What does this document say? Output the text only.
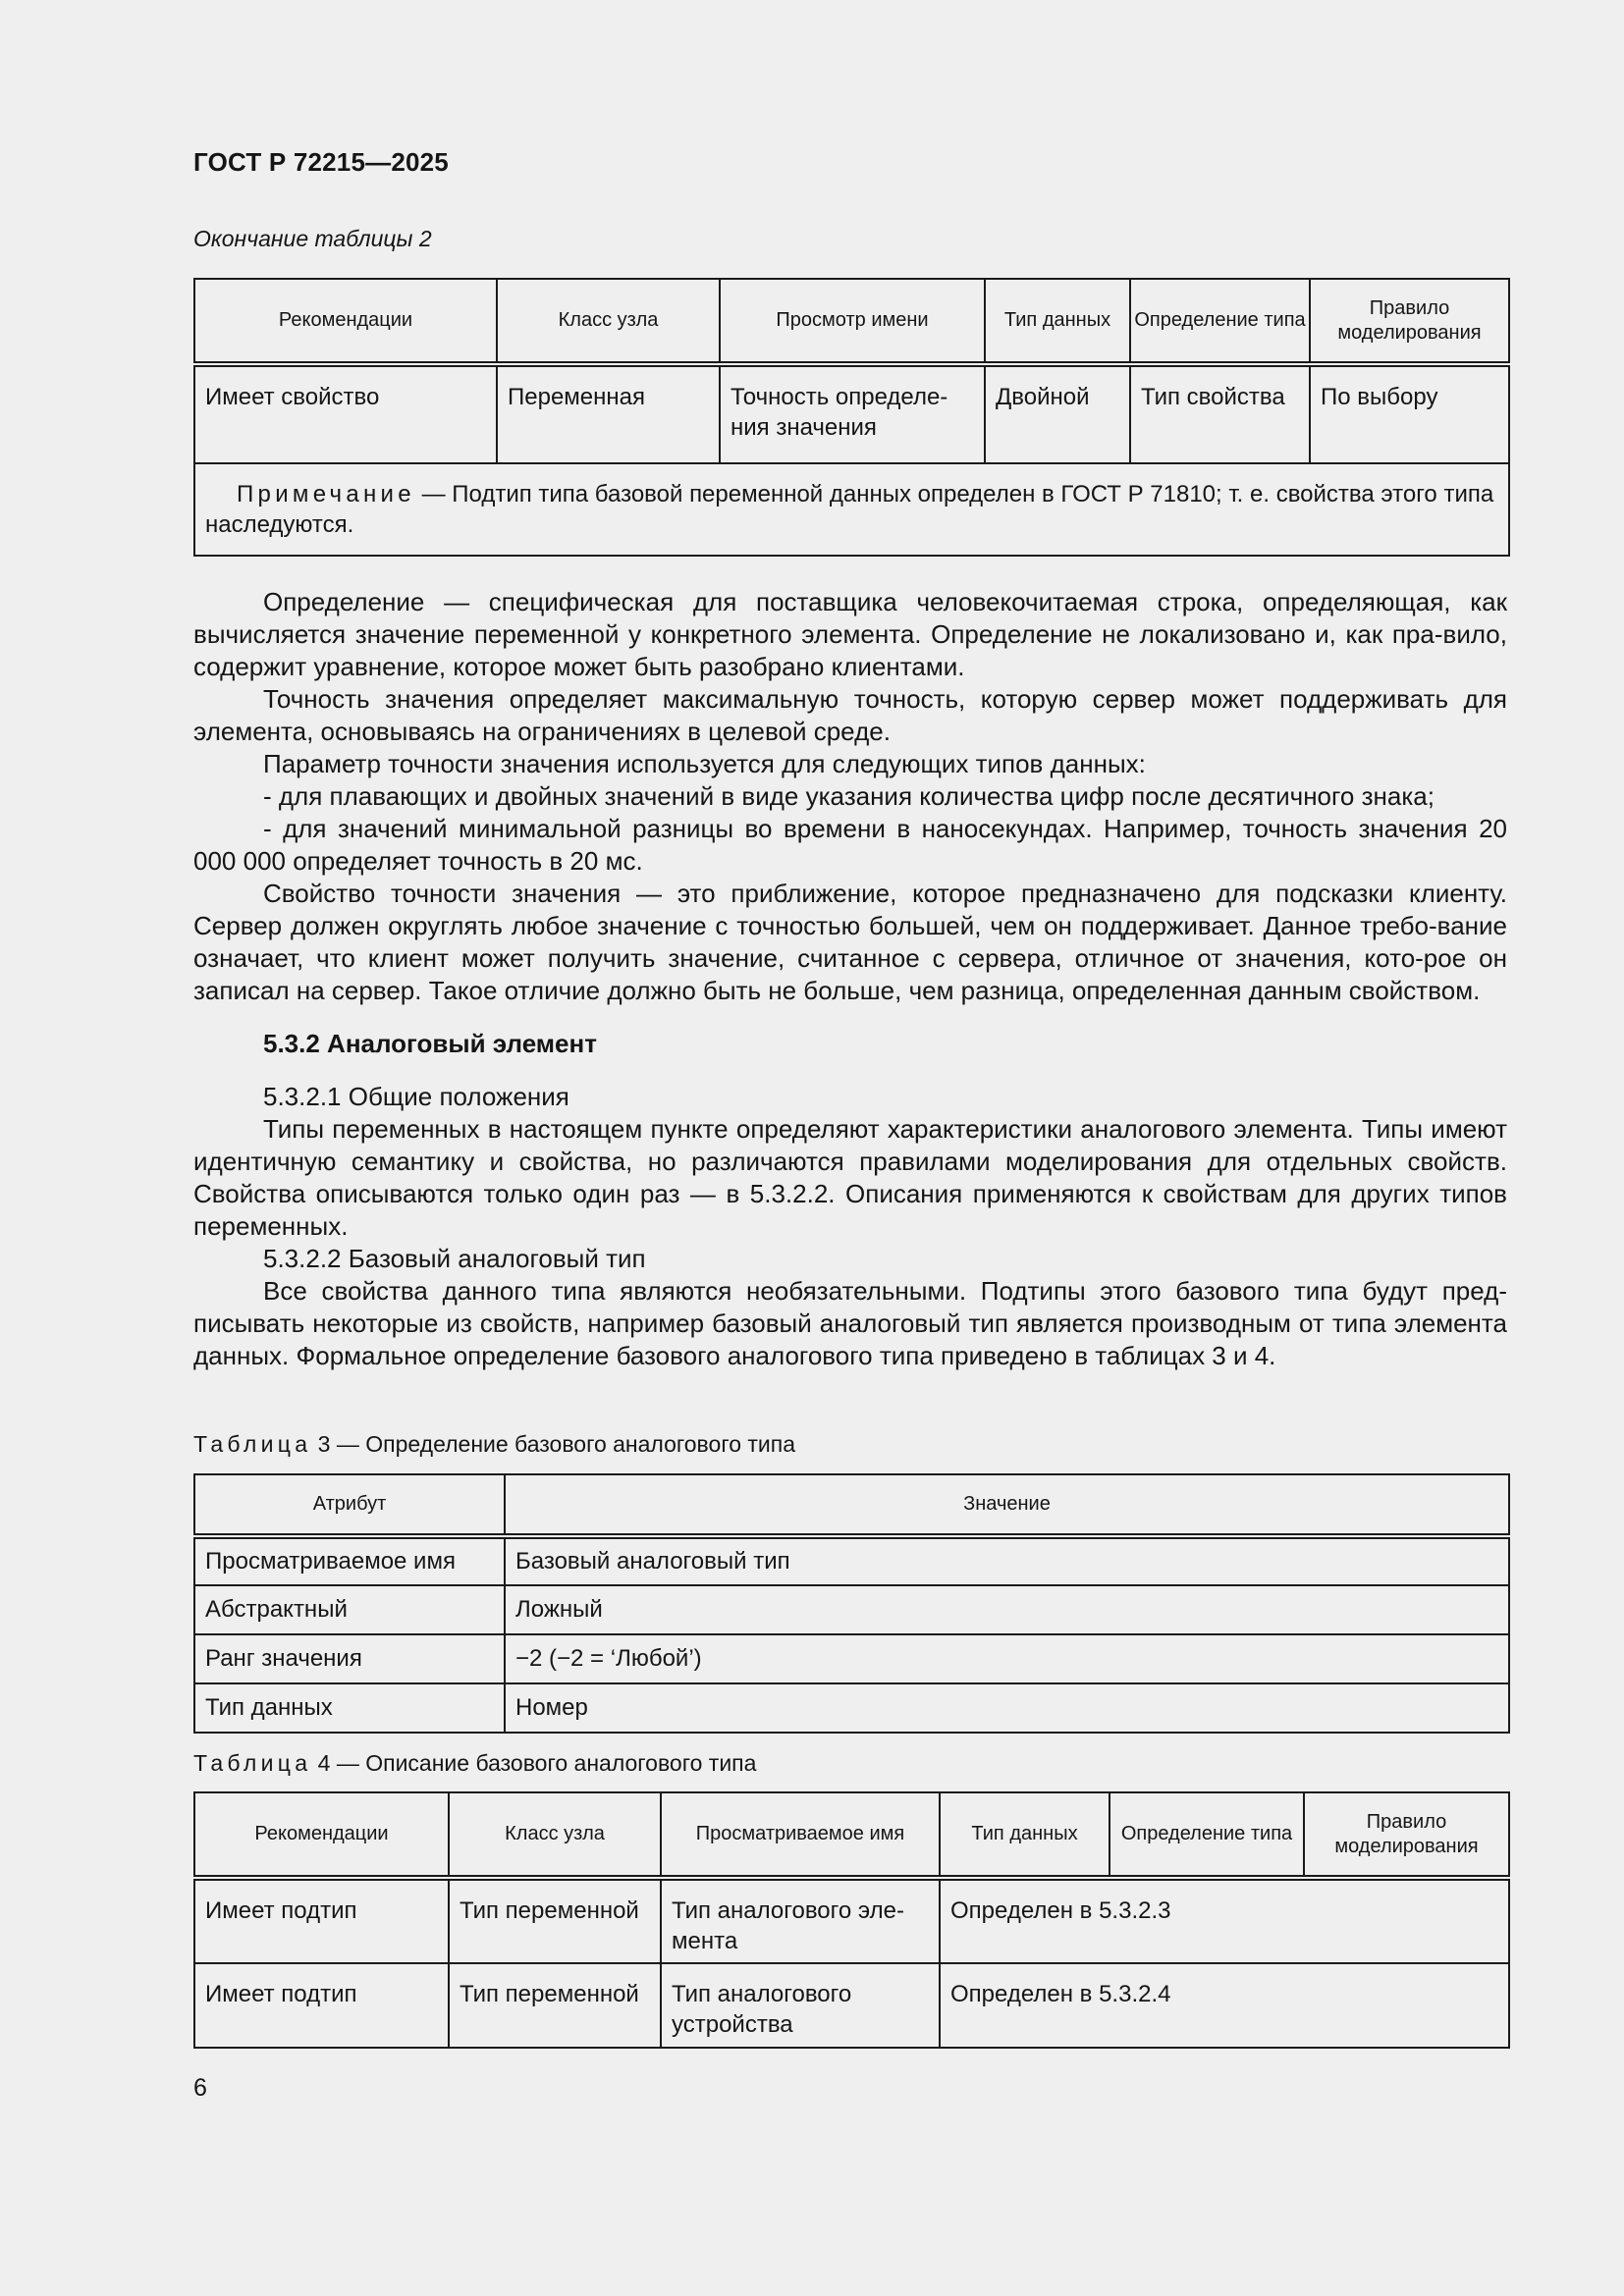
ГОСТ Р 72215—2025
Окончание таблицы 2
Рекомендации	Класс узла	Просмотр имени	Тип данных	Определение типа	Правило моделирования
Имеет свойство	Переменная	Точность определе-ния значения	Двойной	Тип свойства	По выбору
Примечание — Подтип типа базовой переменной данных определен в ГОСТ Р 71810; т. е. свойства этого типа наследуются.					

Определение — специфическая для поставщика человекочитаемая строка, определяющая, как вычисляется значение переменной у конкретного элемента. Определение не локализовано и, как пра-вило, содержит уравнение, которое может быть разобрано клиентами.

Точность значения определяет максимальную точность, которую сервер может поддерживать для элемента, основываясь на ограничениях в целевой среде.

Параметр точности значения используется для следующих типов данных:

- для плавающих и двойных значений в виде указания количества цифр после десятичного знака;

- для значений минимальной разницы во времени в наносекундах. Например, точность значения 20 000 000 определяет точность в 20 мс.

Свойство точности значения — это приближение, которое предназначено для подсказки клиенту. Сервер должен округлять любое значение с точностью большей, чем он поддерживает. Данное требо-вание означает, что клиент может получить значение, считанное с сервера, отличное от значения, кото-рое он записал на сервер. Такое отличие должно быть не больше, чем разница, определенная данным свойством.

5.3.2 Аналоговый элемент

5.3.2.1 Общие положения

Типы переменных в настоящем пункте определяют характеристики аналогового элемента. Типы имеют идентичную семантику и свойства, но различаются правилами моделирования для отдельных свойств. Свойства описываются только один раз — в 5.3.2.2. Описания применяются к свойствам для других типов переменных.

5.3.2.2 Базовый аналоговый тип

Все свойства данного типа являются необязательными. Подтипы этого базового типа будут пред-писывать некоторые из свойств, например базовый аналоговый тип является производным от типа элемента данных. Формальное определение базового аналогового типа приведено в таблицах 3 и 4.

Таблица 3 — Определение базового аналогового типа
Атрибут	Значение
Просматриваемое имя	Базовый аналоговый тип
Абстрактный	Ложный
Ранг значения	−2 (−2 = ‘Любой’)
Тип данных	Номер
Таблица 4 — Описание базового аналогового типа
Рекомендации	Класс узла	Просматриваемое имя	Тип данных	Определение типа	Правило моделирования
Имеет подтип	Тип переменной	Тип аналогового эле-мента	Определен в 5.3.2.3		
Имеет подтип	Тип переменной	Тип аналогового устройства	Определен в 5.3.2.4		
6
